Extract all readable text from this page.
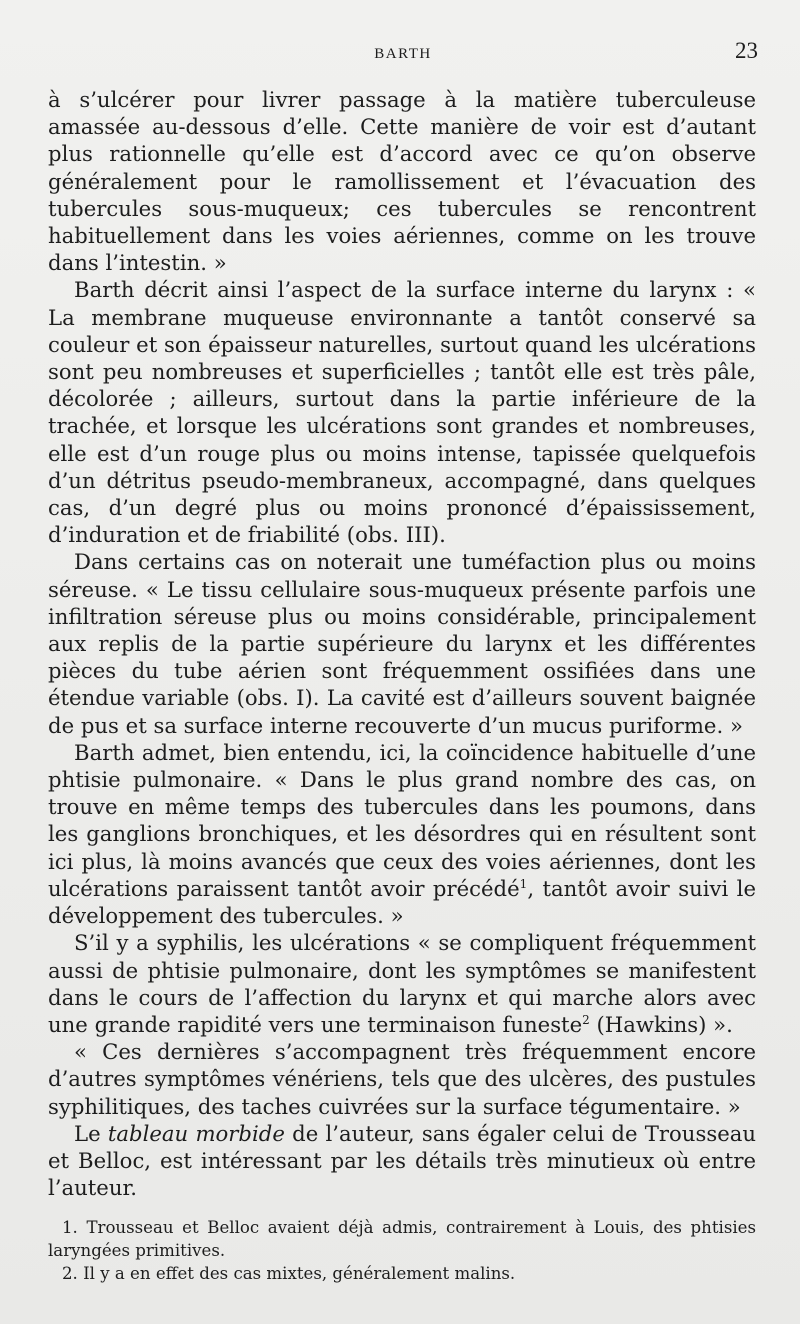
BARTH	23

à s’ulcérer pour livrer passage à la matière tuberculeuse amassée au-dessous d’elle. Cette manière de voir est d’autant plus rationnelle qu’elle est d’accord avec ce qu’on observe généralement pour le ramollissement et l’évacuation des tubercules sous-muqueux; ces tubercules se rencontrent habituellement dans les voies aériennes, comme on les trouve dans l’intestin. »

Barth décrit ainsi l’aspect de la surface interne du larynx : « La membrane muqueuse environnante a tantôt conservé sa couleur et son épaisseur naturelles, surtout quand les ulcérations sont peu nombreuses et superficielles ; tantôt elle est très pâle, décolorée ; ailleurs, surtout dans la partie inférieure de la trachée, et lorsque les ulcérations sont grandes et nombreuses, elle est d’un rouge plus ou moins intense, tapissée quelquefois d’un détritus pseudo-membraneux, accompagné, dans quelques cas, d’un degré plus ou moins prononcé d’épaississement, d’induration et de friabilité (obs. III).

Dans certains cas on noterait une tuméfaction plus ou moins séreuse. « Le tissu cellulaire sous-muqueux présente parfois une infiltration séreuse plus ou moins considérable, principalement aux replis de la partie supérieure du larynx et les différentes pièces du tube aérien sont fréquemment ossifiées dans une étendue variable (obs. I). La cavité est d’ailleurs souvent baignée de pus et sa surface interne recouverte d’un mucus puriforme. »

Barth admet, bien entendu, ici, la coïncidence habituelle d’une phtisie pulmonaire. « Dans le plus grand nombre des cas, on trouve en même temps des tubercules dans les poumons, dans les ganglions bronchiques, et les désordres qui en résultent sont ici plus, là moins avancés que ceux des voies aériennes, dont les ulcérations paraissent tantôt avoir précédé$^1$, tantôt avoir suivi le développement des tubercules. »

S’il y a syphilis, les ulcérations « se compliquent fréquemment aussi de phtisie pulmonaire, dont les symptômes se manifestent dans le cours de l’affection du larynx et qui marche alors avec une grande rapidité vers une terminaison funeste$^2$ (Hawkins) ».

« Ces dernières s’accompagnent très fréquemment encore d’autres symptômes vénériens, tels que des ulcères, des pustules syphilitiques, des taches cuivrées sur la surface tégumentaire. »

Le tableau morbide de l’auteur, sans égaler celui de Trousseau et Belloc, est intéressant par les détails très minutieux où entre l’auteur.

1. Trousseau et Belloc avaient déjà admis, contrairement à Louis, des phtisies laryngées primitives.

2. Il y a en effet des cas mixtes, généralement malins.
